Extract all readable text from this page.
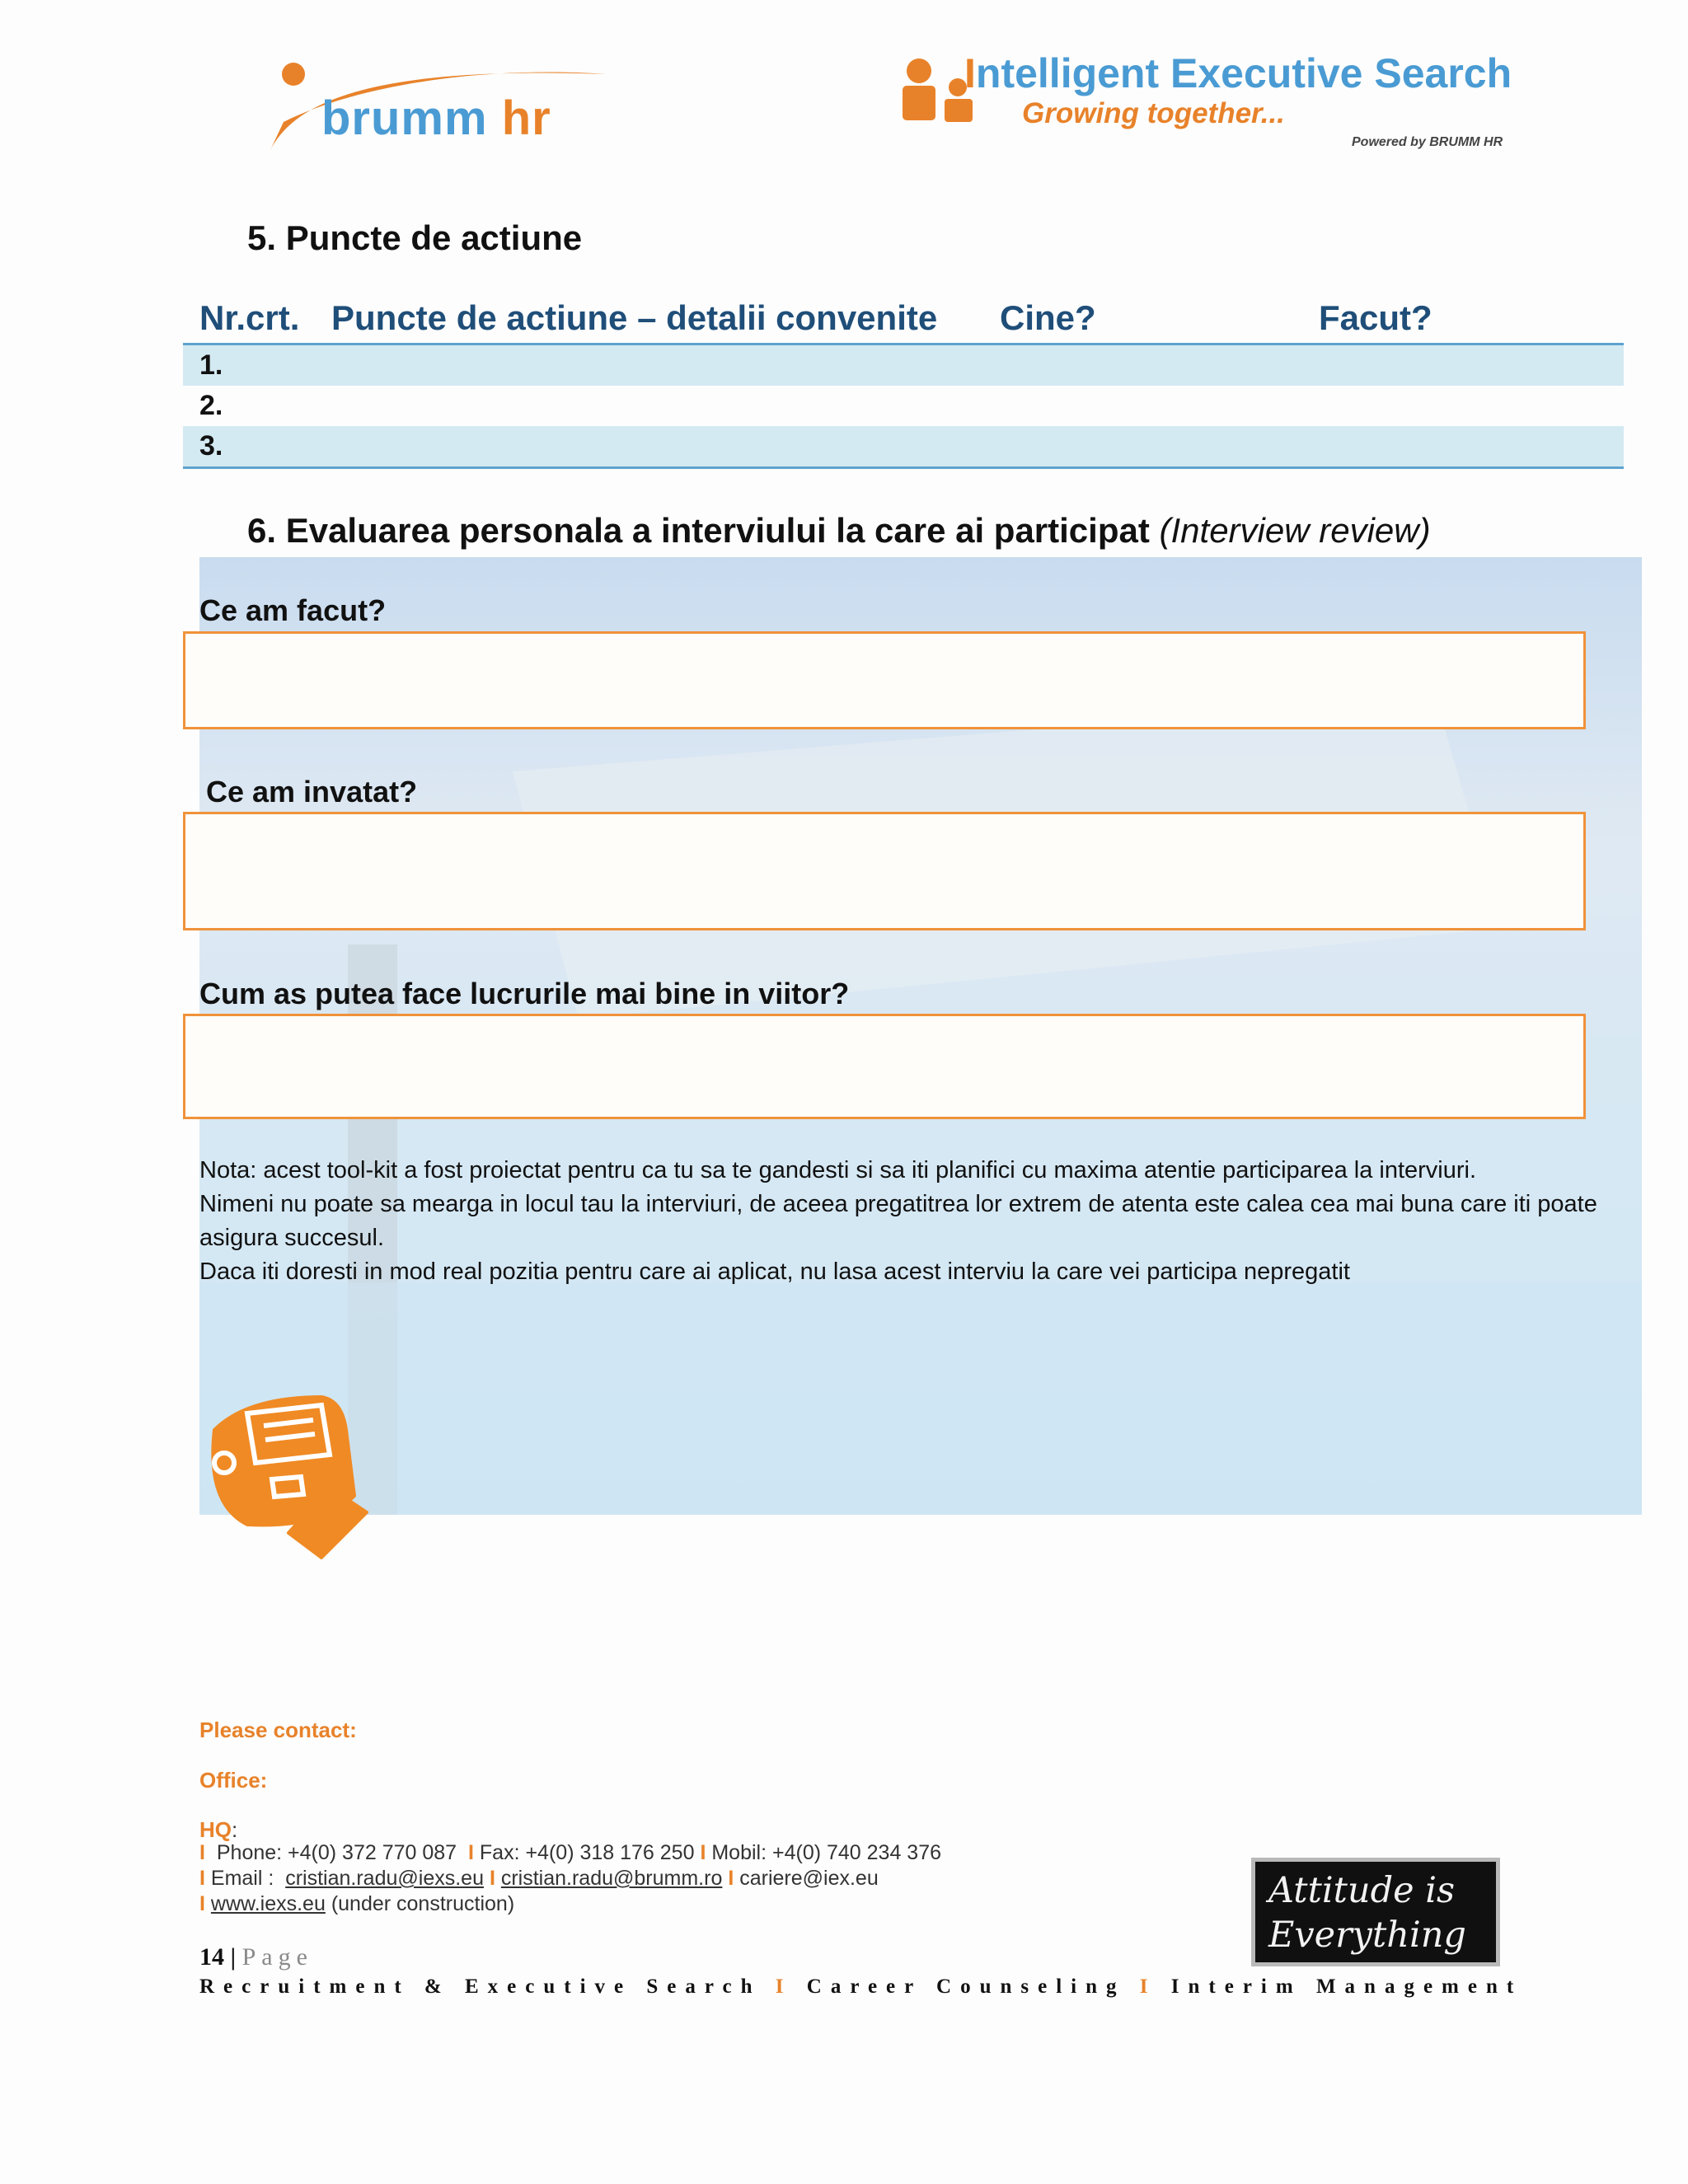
brumm hr
Intelligent Executive Search
Growing together...
Powered by BRUMM HR
5. Puncte de actiune
Nr.crt. Puncte de actiune – detalii convenite Cine?	Facut?
1.
2.
3.
6. Evaluarea personala a interviului la care ai participat (Interview review)
Ce am facut?
Ce am invatat?
Cum as putea face lucrurile mai bine in viitor?

Nota: acest tool-kit a fost proiectat pentru ca tu sa te gandesti si sa iti planifici cu maxima atentie participarea la interviuri.

Nimeni nu poate sa mearga in locul tau la interviuri, de aceea pregatitrea lor extrem de atenta este calea cea mai buna care iti poate asigura succesul.

Daca iti doresti in mod real pozitia pentru care ai aplicat, nu lasa acest interviu la care vei participa nepregatit

Please contact:
Office:
HQ:
I Phone: +4(0) 372 770 087 I Fax: +4(0) 318 176 250 I Mobil: +4(0) 740 234 376
I Email : cristian.radu@iexs.eu I cristian.radu@brumm.ro I cariere@iex.eu
I www.iexs.eu (under construction)	Attitude is
Everything
14 | Page
Recruitment & Executive Search I Career Counseling I Interim Management
